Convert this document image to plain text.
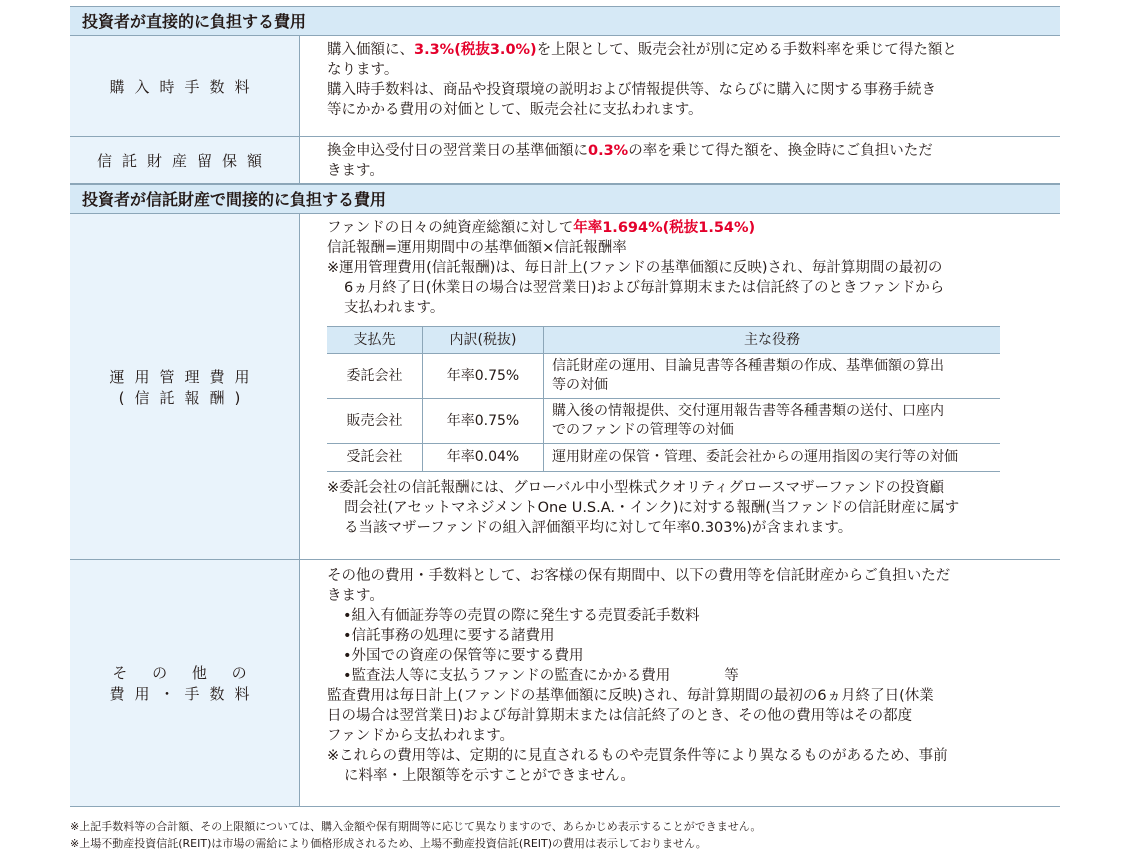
投資者が直接的に負担する費用
購入時手数料

購入価額に、3.3%(税抜3.0%)を上限として、販売会社が別に定める手数料率を乗じて得た額と

なります。

購入時手数料は、商品や投資環境の説明および情報提供等、ならびに購入に関する事務手続き

等にかかる費用の対価として、販売会社に支払われます。

信託財産留保額

換金申込受付日の翌営業日の基準価額に0.3%の率を乗じて得た額を、換金時にご負担いただ

きます。

投資者が信託財産で間接的に負担する費用
運用管理費用
(信託報酬)

ファンドの日々の純資産総額に対して年率1.694%(税抜1.54%)

信託報酬=運用期間中の基準価額×信託報酬率

※運用管理費用(信託報酬)は、毎日計上(ファンドの基準価額に反映)され、毎計算期間の最初の

6ヵ月終了日(休業日の場合は翌営業日)および毎計算期末または信託終了のときファンドから

支払われます。

支払先	内訳(税抜)	主な役務
委託会社	年率0.75%	信託財産の運用、目論見書等各種書類の作成、基準価額の算出
等の対価
販売会社	年率0.75%	購入後の情報提供、交付運用報告書等各種書類の送付、口座内
でのファンドの管理等の対価
受託会社	年率0.04%	運用財産の保管・管理、委託会社からの運用指図の実行等の対価

※委託会社の信託報酬には、グローバル中小型株式クオリティグロースマザーファンドの投資顧

問会社(アセットマネジメントOne U.S.A.・インク)に対する報酬(当ファンドの信託財産に属す

る当該マザーファンドの組入評価額平均に対して年率0.303%)が含まれます。

そ の 他 の
費用・手数料

その他の費用・手数料として、お客様の保有期間中、以下の費用等を信託財産からご負担いただ

きます。

•組入有価証券等の売買の際に発生する売買委託手数料

•信託事務の処理に要する諸費用

•外国での資産の保管等に要する費用

•監査法人等に支払うファンドの監査にかかる費用	等

監査費用は毎日計上(ファンドの基準価額に反映)され、毎計算期間の最初の6ヵ月終了日(休業

日の場合は翌営業日)および毎計算期末または信託終了のとき、その他の費用等はその都度

ファンドから支払われます。

※これらの費用等は、定期的に見直されるものや売買条件等により異なるものがあるため、事前

に料率・上限額等を示すことができません。

※上記手数料等の合計額、その上限額については、購入金額や保有期間等に応じて異なりますので、あらかじめ表示することができません。

※上場不動産投資信託(REIT)は市場の需給により価格形成されるため、上場不動産投資信託(REIT)の費用は表示しておりません。
